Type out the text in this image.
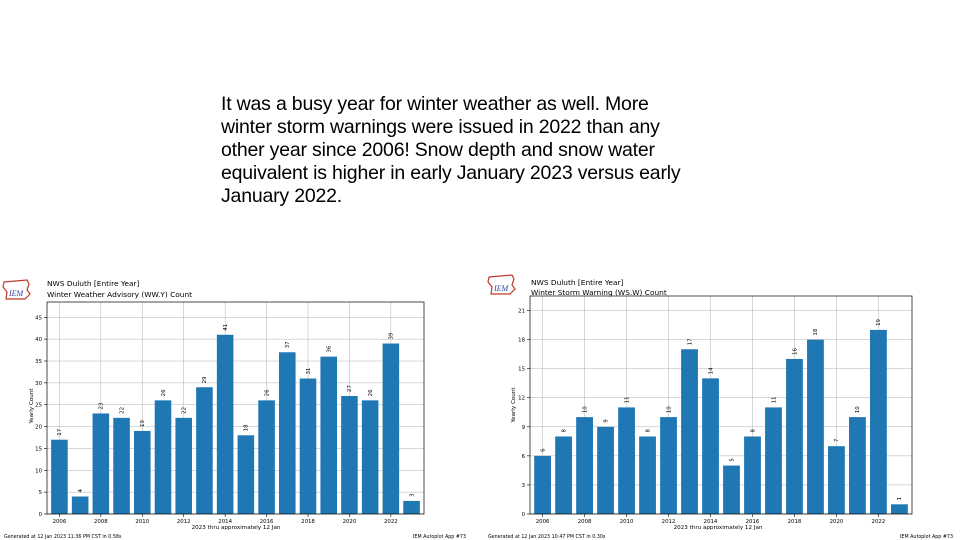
It was a busy year for winter weather as well. More winter storm warnings were issued in 2022 than any other year since 2006! Snow depth and snow water equivalent is higher in early January 2023 versus early January 2022.
IEM
NWS Duluth [Entire Year]
Winter Weather Advisory (WW.Y) Count
0
5
10
15
20
25
30
35
40
45
17
4
23
22
19
26
22
29
41
18
26
37
31
36
27
26
39
3
2006	2008	2010	2012	2014	2016	2018	2020	2022
2023 thru approximately 12 Jan
Yearly Count
Generated at 12 Jan 2023 11:36 PM CST in 0.58s	IEM Autoplot App #73
IEM
NWS Duluth [Entire Year]
Winter Storm Warning (WS.W) Count
0
3
6
9
12
15
18
21
6
8
10
9
11
8
10
17
14
5
8
11
16
18
7
10
19
1
2006	2008	2010	2012	2014	2016	2018	2020	2022
2023 thru approximately 12 Jan
Yearly Count
Generated at 12 Jan 2023 10:47 PM CST in 0.30s	IEM Autoplot App #73
